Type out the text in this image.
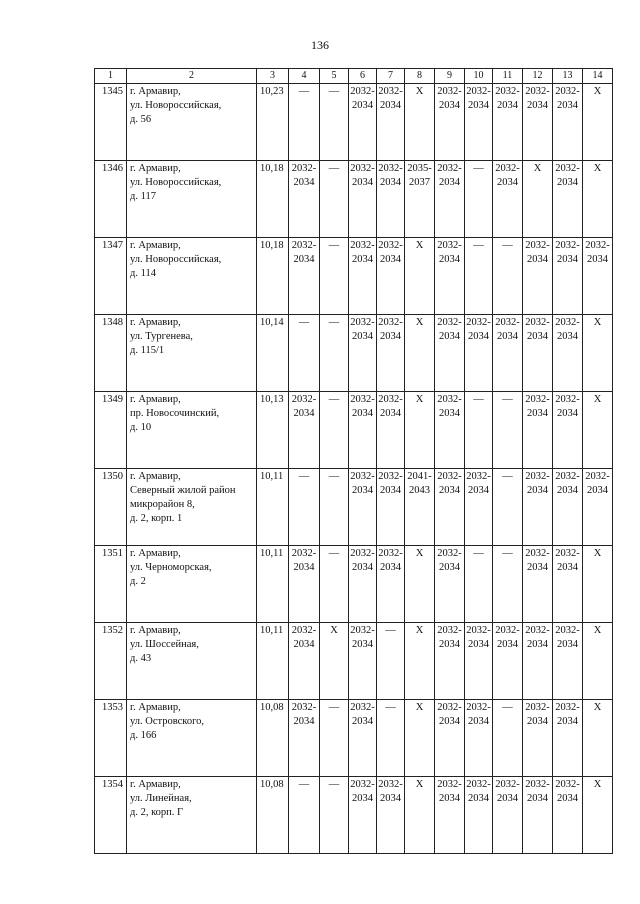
136
1	2	3	4	5	6	7	8	9	10	11	12	13	14
1345	г. Армавир,
ул. Новороссийская,
д. 56	10,23	—	—	2032-
2034	2032-
2034	X	2032-
2034	2032-
2034	2032-
2034	2032-
2034	2032-
2034	X

1346	г. Армавир,
ул. Новороссийская,
д. 117	10,18	2032-
2034	—	2032-
2034	2032-
2034	2035-
2037	2032-
2034	—	2032-
2034	X	2032-
2034	X

1347	г. Армавир,
ул. Новороссийская,
д. 114	10,18	2032-
2034	—	2032-
2034	2032-
2034	X	2032-
2034	—	—	2032-
2034	2032-
2034	2032-
2034

1348	г. Армавир,
ул. Тургенева,
д. 115/1	10,14	—	—	2032-
2034	2032-
2034	X	2032-
2034	2032-
2034	2032-
2034	2032-
2034	2032-
2034	X

1349	г. Армавир,
пр. Новосочинский,
д. 10	10,13	2032-
2034	—	2032-
2034	2032-
2034	X	2032-
2034	—	—	2032-
2034	2032-
2034	X

1350	г. Армавир,
Северный жилой район
микрорайон 8,
д. 2, корп. 1	10,11	—	—	2032-
2034	2032-
2034	2041-
2043	2032-
2034	2032-
2034	—	2032-
2034	2032-
2034	2032-
2034

1351	г. Армавир,
ул. Черноморская,
д. 2	10,11	2032-
2034	—	2032-
2034	2032-
2034	X	2032-
2034	—	—	2032-
2034	2032-
2034	X

1352	г. Армавир,
ул. Шоссейная,
д. 43	10,11	2032-
2034	X	2032-
2034	—	X	2032-
2034	2032-
2034	2032-
2034	2032-
2034	2032-
2034	X

1353	г. Армавир,
ул. Островского,
д. 166	10,08	2032-
2034	—	2032-
2034	—	X	2032-
2034	2032-
2034	—	2032-
2034	2032-
2034	X

1354	г. Армавир,
ул. Линейная,
д. 2, корп. Г	10,08	—	—	2032-
2034	2032-
2034	X	2032-
2034	2032-
2034	2032-
2034	2032-
2034	2032-
2034	X
